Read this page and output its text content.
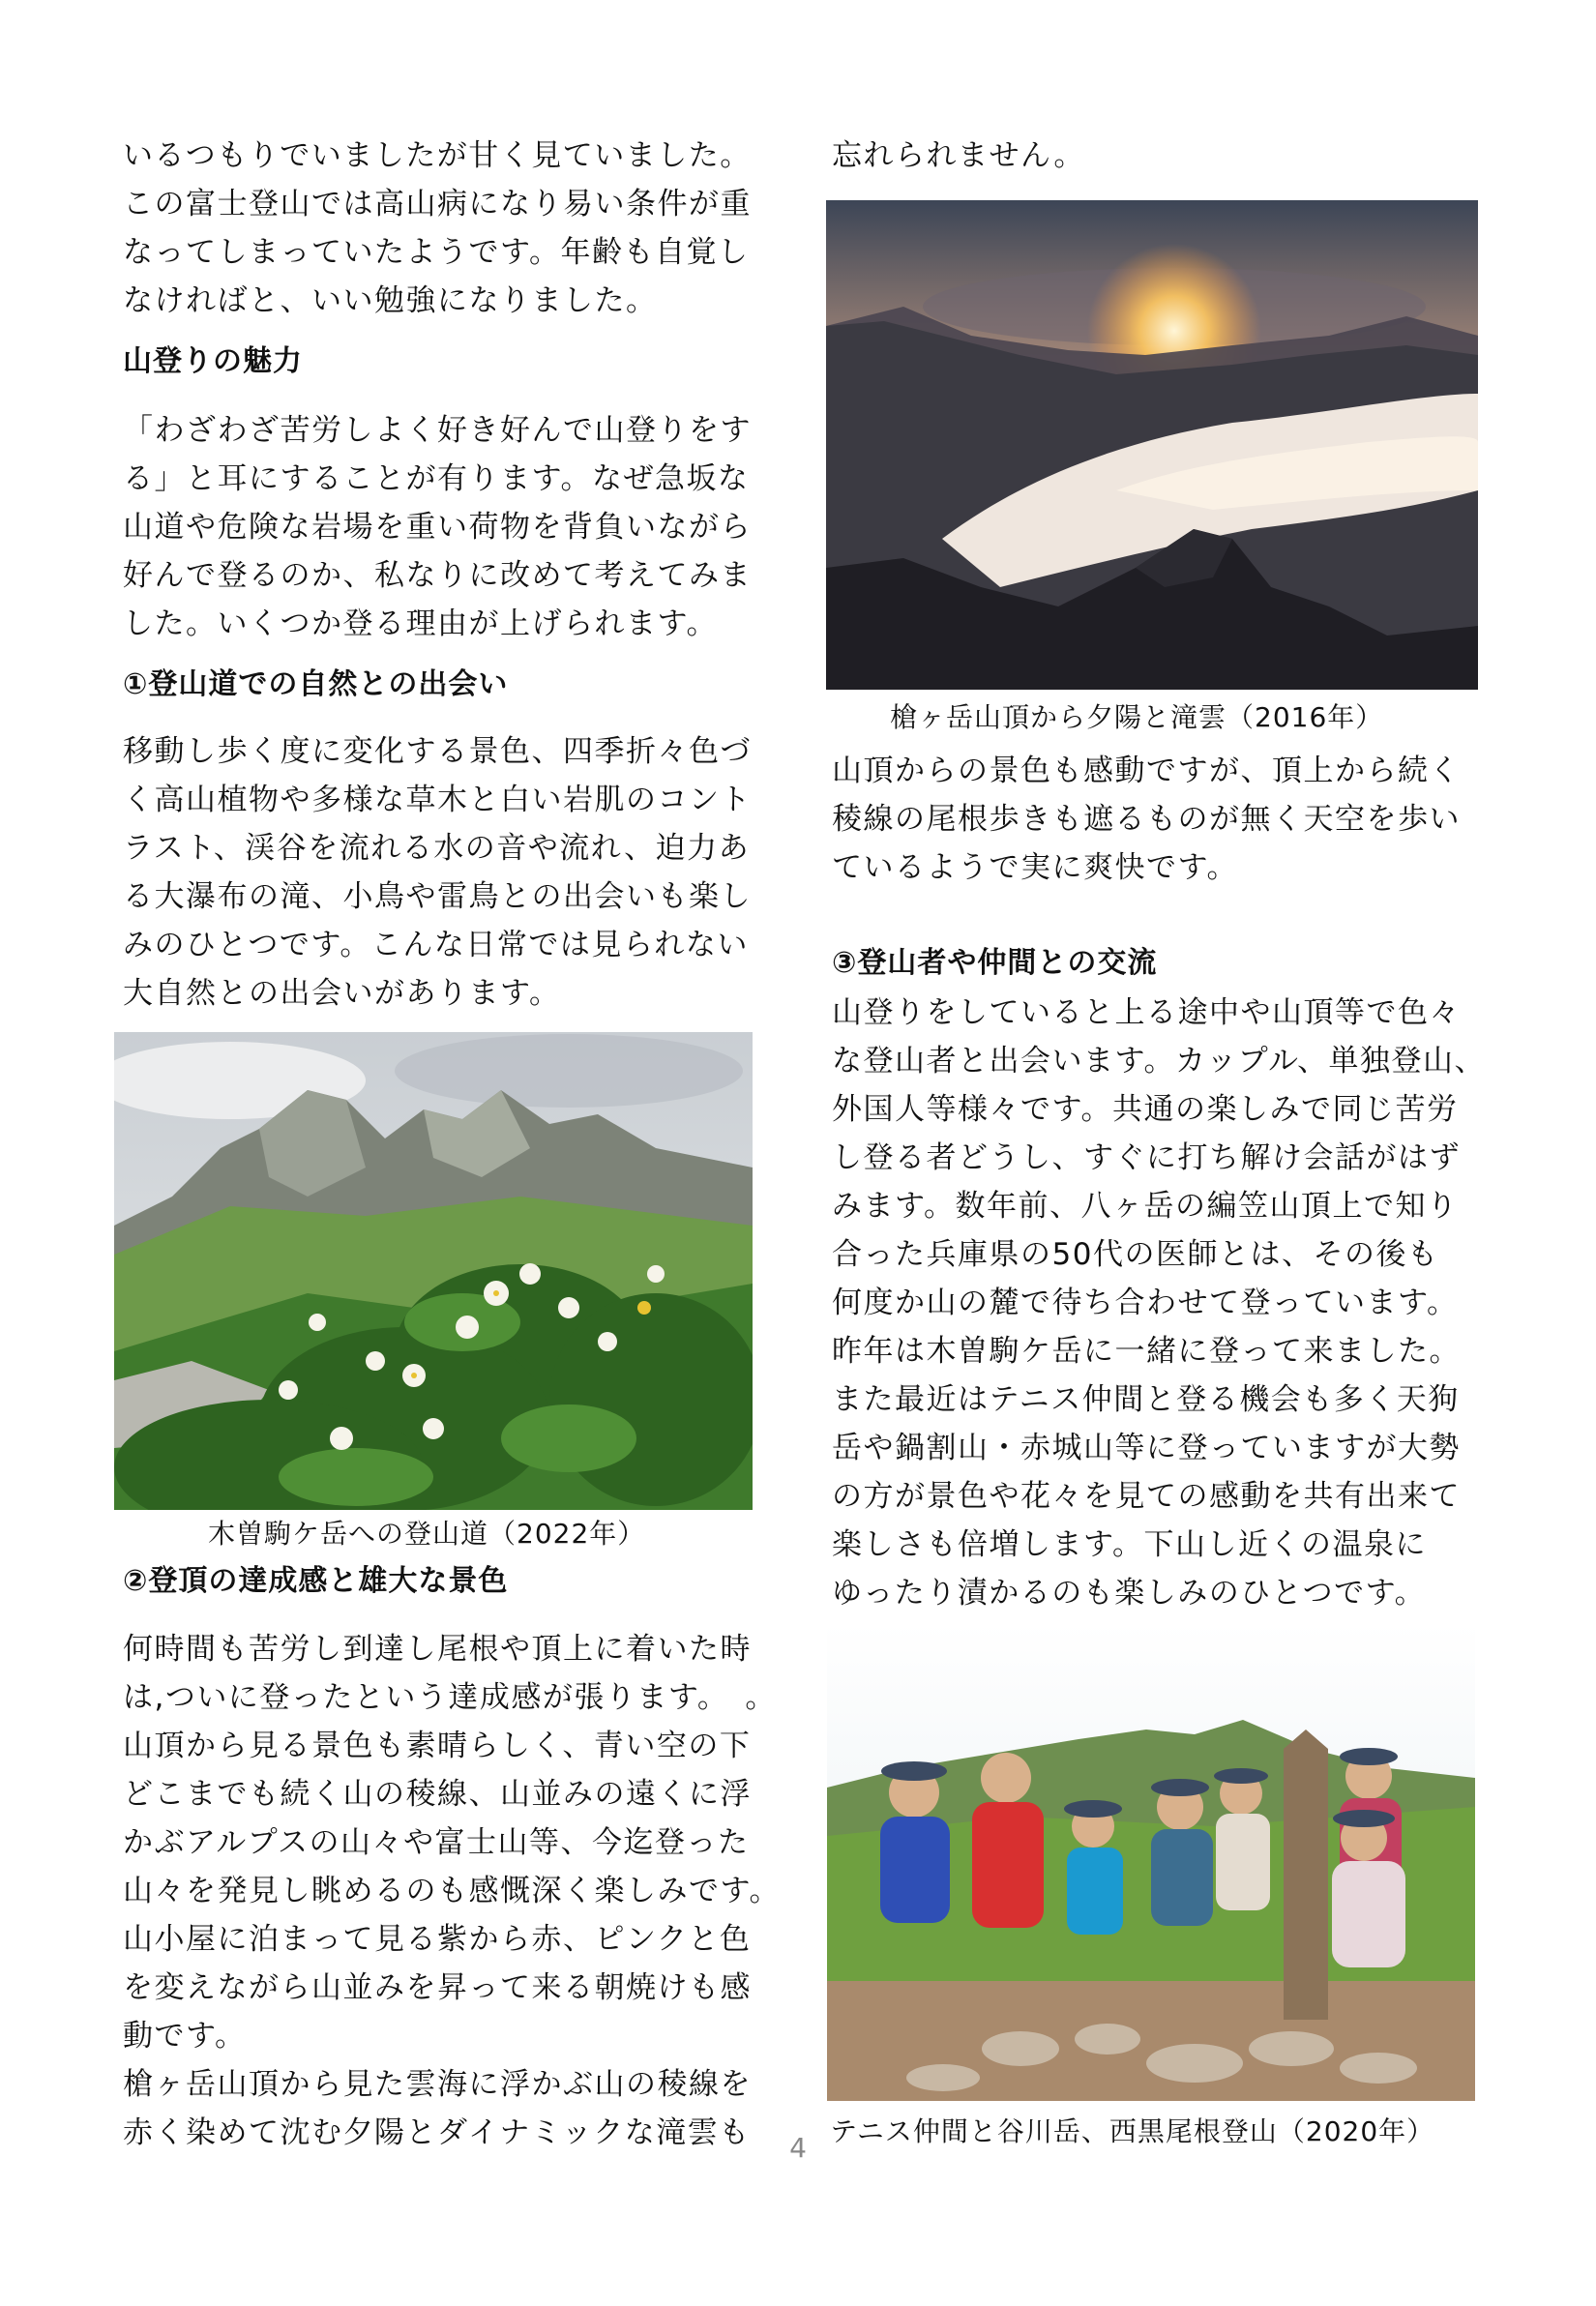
いるつもりでいましたが甘く見ていました。

この富士登山では高山病になり易い条件が重

なってしまっていたようです。年齢も自覚し

なければと、いい勉強になりました。

山登りの魅力

「わざわざ苦労しよく好き好んで山登りをす

る」と耳にすることが有ります。なぜ急坂な

山道や危険な岩場を重い荷物を背負いながら

好んで登るのか、私なりに改めて考えてみま

した。いくつか登る理由が上げられます。

①登山道での自然との出会い

移動し歩く度に変化する景色、四季折々色づ

く高山植物や多様な草木と白い岩肌のコント

ラスト、渓谷を流れる水の音や流れ、迫力あ

る大瀑布の滝、小鳥や雷鳥との出会いも楽し

みのひとつです。こんな日常では見られない

大自然との出会いがあります。

木曽駒ケ岳への登山道（2022年）

②登頂の達成感と雄大な景色

何時間も苦労し到達し尾根や頂上に着いた時

は,ついに登ったという達成感が張ります。　。

山頂から見る景色も素晴らしく、青い空の下

どこまでも続く山の稜線、山並みの遠くに浮

かぶアルプスの山々や富士山等、今迄登った

山々を発見し眺めるのも感慨深く楽しみです。

山小屋に泊まって見る紫から赤、ピンクと色

を変えながら山並みを昇って来る朝焼けも感

動です。

槍ヶ岳山頂から見た雲海に浮かぶ山の稜線を

赤く染めて沈む夕陽とダイナミックな滝雲も

忘れられません。

槍ヶ岳山頂から夕陽と滝雲（2016年）

山頂からの景色も感動ですが、頂上から続く

稜線の尾根歩きも遮るものが無く天空を歩い

ているようで実に爽快です。

③登山者や仲間との交流

山登りをしていると上る途中や山頂等で色々

な登山者と出会います。カップル、単独登山、

外国人等様々です。共通の楽しみで同じ苦労

し登る者どうし、すぐに打ち解け会話がはず

みます。数年前、八ヶ岳の編笠山頂上で知り

合った兵庫県の50代の医師とは、その後も

何度か山の麓で待ち合わせて登っています。

昨年は木曽駒ケ岳に一緒に登って来ました。

また最近はテニス仲間と登る機会も多く天狗

岳や鍋割山・赤城山等に登っていますが大勢

の方が景色や花々を見ての感動を共有出来て

楽しさも倍増します。下山し近くの温泉に

ゆったり漬かるのも楽しみのひとつです。

テニス仲間と谷川岳、西黒尾根登山（2020年）

4
